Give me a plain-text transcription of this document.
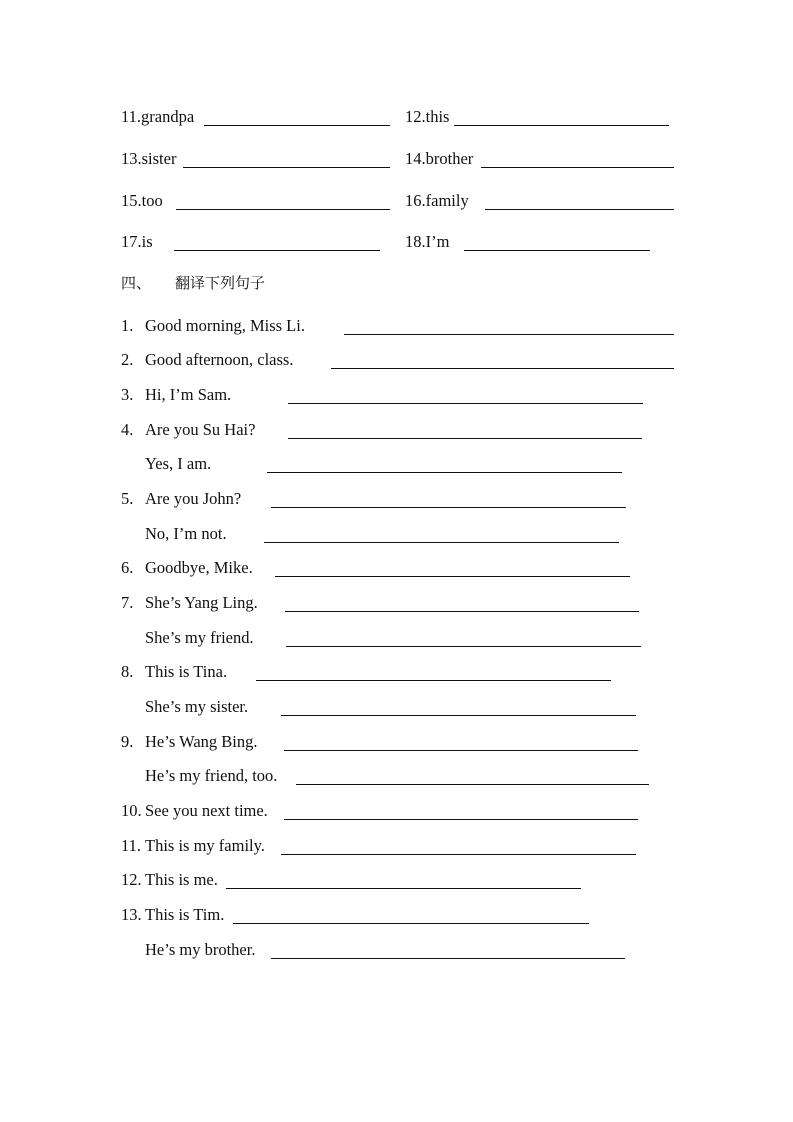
11.grandpa	12.this
13.sister	14.brother
15.too	16.family
17.is	18.I’m
四、 翻译下列句子
1. Good morning, Miss Li.
2. Good afternoon, class.
3. Hi, I’m Sam.
4. Are you Su Hai?
Yes, I am.
5. Are you John?
No, I’m not.
6. Goodbye, Mike.
7. She’s Yang Ling.
She’s my friend.
8. This is Tina.
She’s my sister.
9. He’s Wang Bing.
He’s my friend, too.
10. See you next time.
11. This is my family.
12. This is me.
13. This is Tim.
He’s my brother.
